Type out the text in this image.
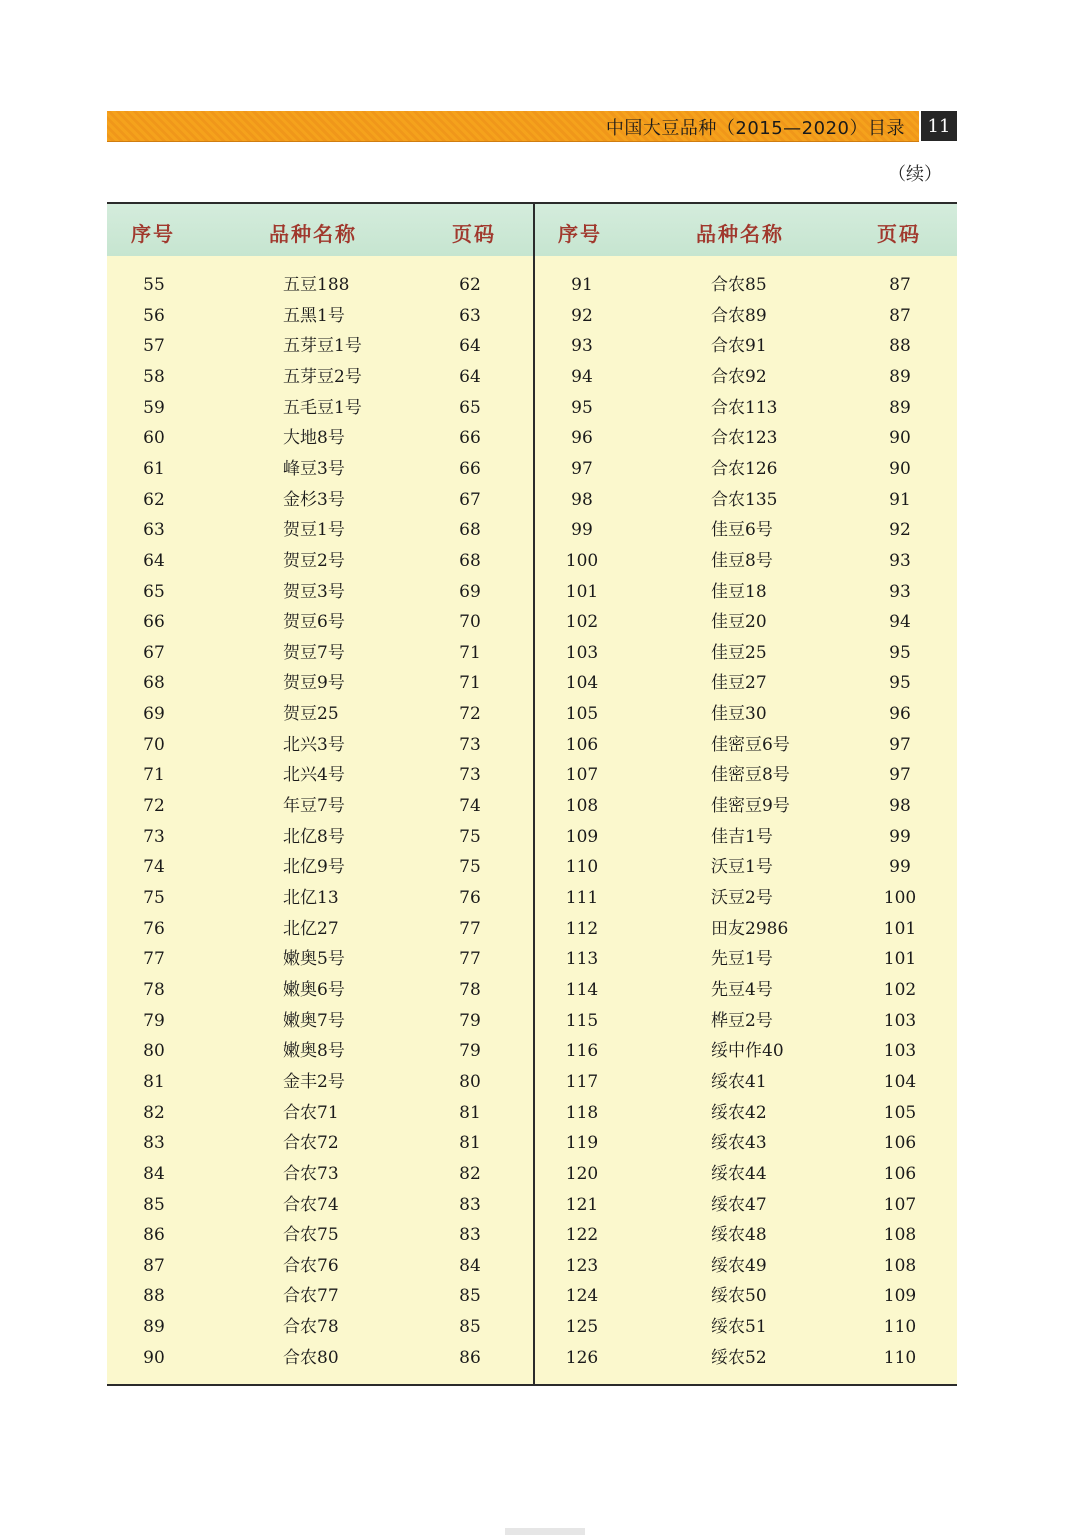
中国大豆品种（2015—2020）目录	11
（续）
序号	品种名称	页码	序号	品种名称	页码
55	五豆188	62
56	五黑1号	63
57	五芽豆1号	64
58	五芽豆2号	64
59	五毛豆1号	65
60	大地8号	66
61	峰豆3号	66
62	金杉3号	67
63	贺豆1号	68
64	贺豆2号	68
65	贺豆3号	69
66	贺豆6号	70
67	贺豆7号	71
68	贺豆9号	71
69	贺豆25	72
70	北兴3号	73
71	北兴4号	73
72	年豆7号	74
73	北亿8号	75
74	北亿9号	75
75	北亿13	76
76	北亿27	77
77	嫩奥5号	77
78	嫩奥6号	78
79	嫩奥7号	79
80	嫩奥8号	79
81	金丰2号	80
82	合农71	81
83	合农72	81
84	合农73	82
85	合农74	83
86	合农75	83
87	合农76	84
88	合农77	85
89	合农78	85
90	合农80	86
91	合农85	87
92	合农89	87
93	合农91	88
94	合农92	89
95	合农113	89
96	合农123	90
97	合农126	90
98	合农135	91
99	佳豆6号	92
100	佳豆8号	93
101	佳豆18	93
102	佳豆20	94
103	佳豆25	95
104	佳豆27	95
105	佳豆30	96
106	佳密豆6号	97
107	佳密豆8号	97
108	佳密豆9号	98
109	佳吉1号	99
110	沃豆1号	99
111	沃豆2号	100
112	田友2986	101
113	先豆1号	101
114	先豆4号	102
115	桦豆2号	103
116	绥中作40	103
117	绥农41	104
118	绥农42	105
119	绥农43	106
120	绥农44	106
121	绥农47	107
122	绥农48	108
123	绥农49	108
124	绥农50	109
125	绥农51	110
126	绥农52	110
